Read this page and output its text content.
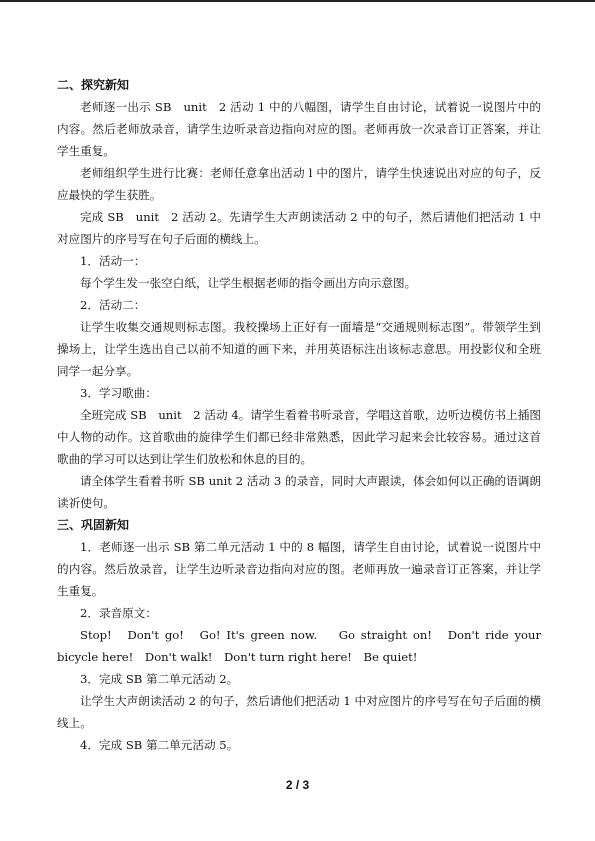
二、探究新知

老师逐一出示 SB　unit　2 活动 1 中的八幅图，请学生自由讨论，试着说一说图片中的内容。然后老师放录音，请学生边听录音边指向对应的图。老师再放一次录音订正答案，并让学生重复。

老师组织学生进行比赛：老师任意拿出活动 l 中的图片，请学生快速说出对应的句子，反应最快的学生获胜。

完成 SB　unit　2 活动 2。先请学生大声朗读活动 2 中的句子，然后请他们把活动 1 中对应图片的序号写在句子后面的横线上。

1．活动一：

每个学生发一张空白纸，让学生根据老师的指令画出方向示意图。

2．活动二：

让学生收集交通规则标志图。我校操场上正好有一面墙是“交通规则标志图”。带领学生到操场上，让学生选出自己以前不知道的画下来，并用英语标注出该标志意思。用投影仪和全班同学一起分享。

3．学习歌曲：

全班完成 SB　unit　2 活动 4。请学生看着书听录音，学唱这首歌，边听边模仿书上插图中人物的动作。这首歌曲的旋律学生们都已经非常熟悉，因此学习起来会比较容易。通过这首歌曲的学习可以达到让学生们放松和休息的目的。

请全体学生看着书听 SB unit 2 活动 3 的录音，同时大声跟读，体会如何以正确的语调朗读祈使句。

三、巩固新知

1．老师逐一出示 SB 第二单元活动 1 中的 8 幅图，请学生自由讨论，试着说一说图片中的内容。然后放录音，让学生边听录音边指向对应的图。老师再放一遍录音订正答案，并让学生重复。

2．录音原文：

Stop!　Don't go!　Go! It's green now.　 Go straight on!　Don't ride your bicycle here!　Don't walk!　Don't turn right here!　Be quiet!

3．完成 SB 第二单元活动 2。

让学生大声朗读活动 2 的句子，然后请他们把活动 1 中对应图片的序号写在句子后面的横线上。

4．完成 SB 第二单元活动 5。

2 / 3
